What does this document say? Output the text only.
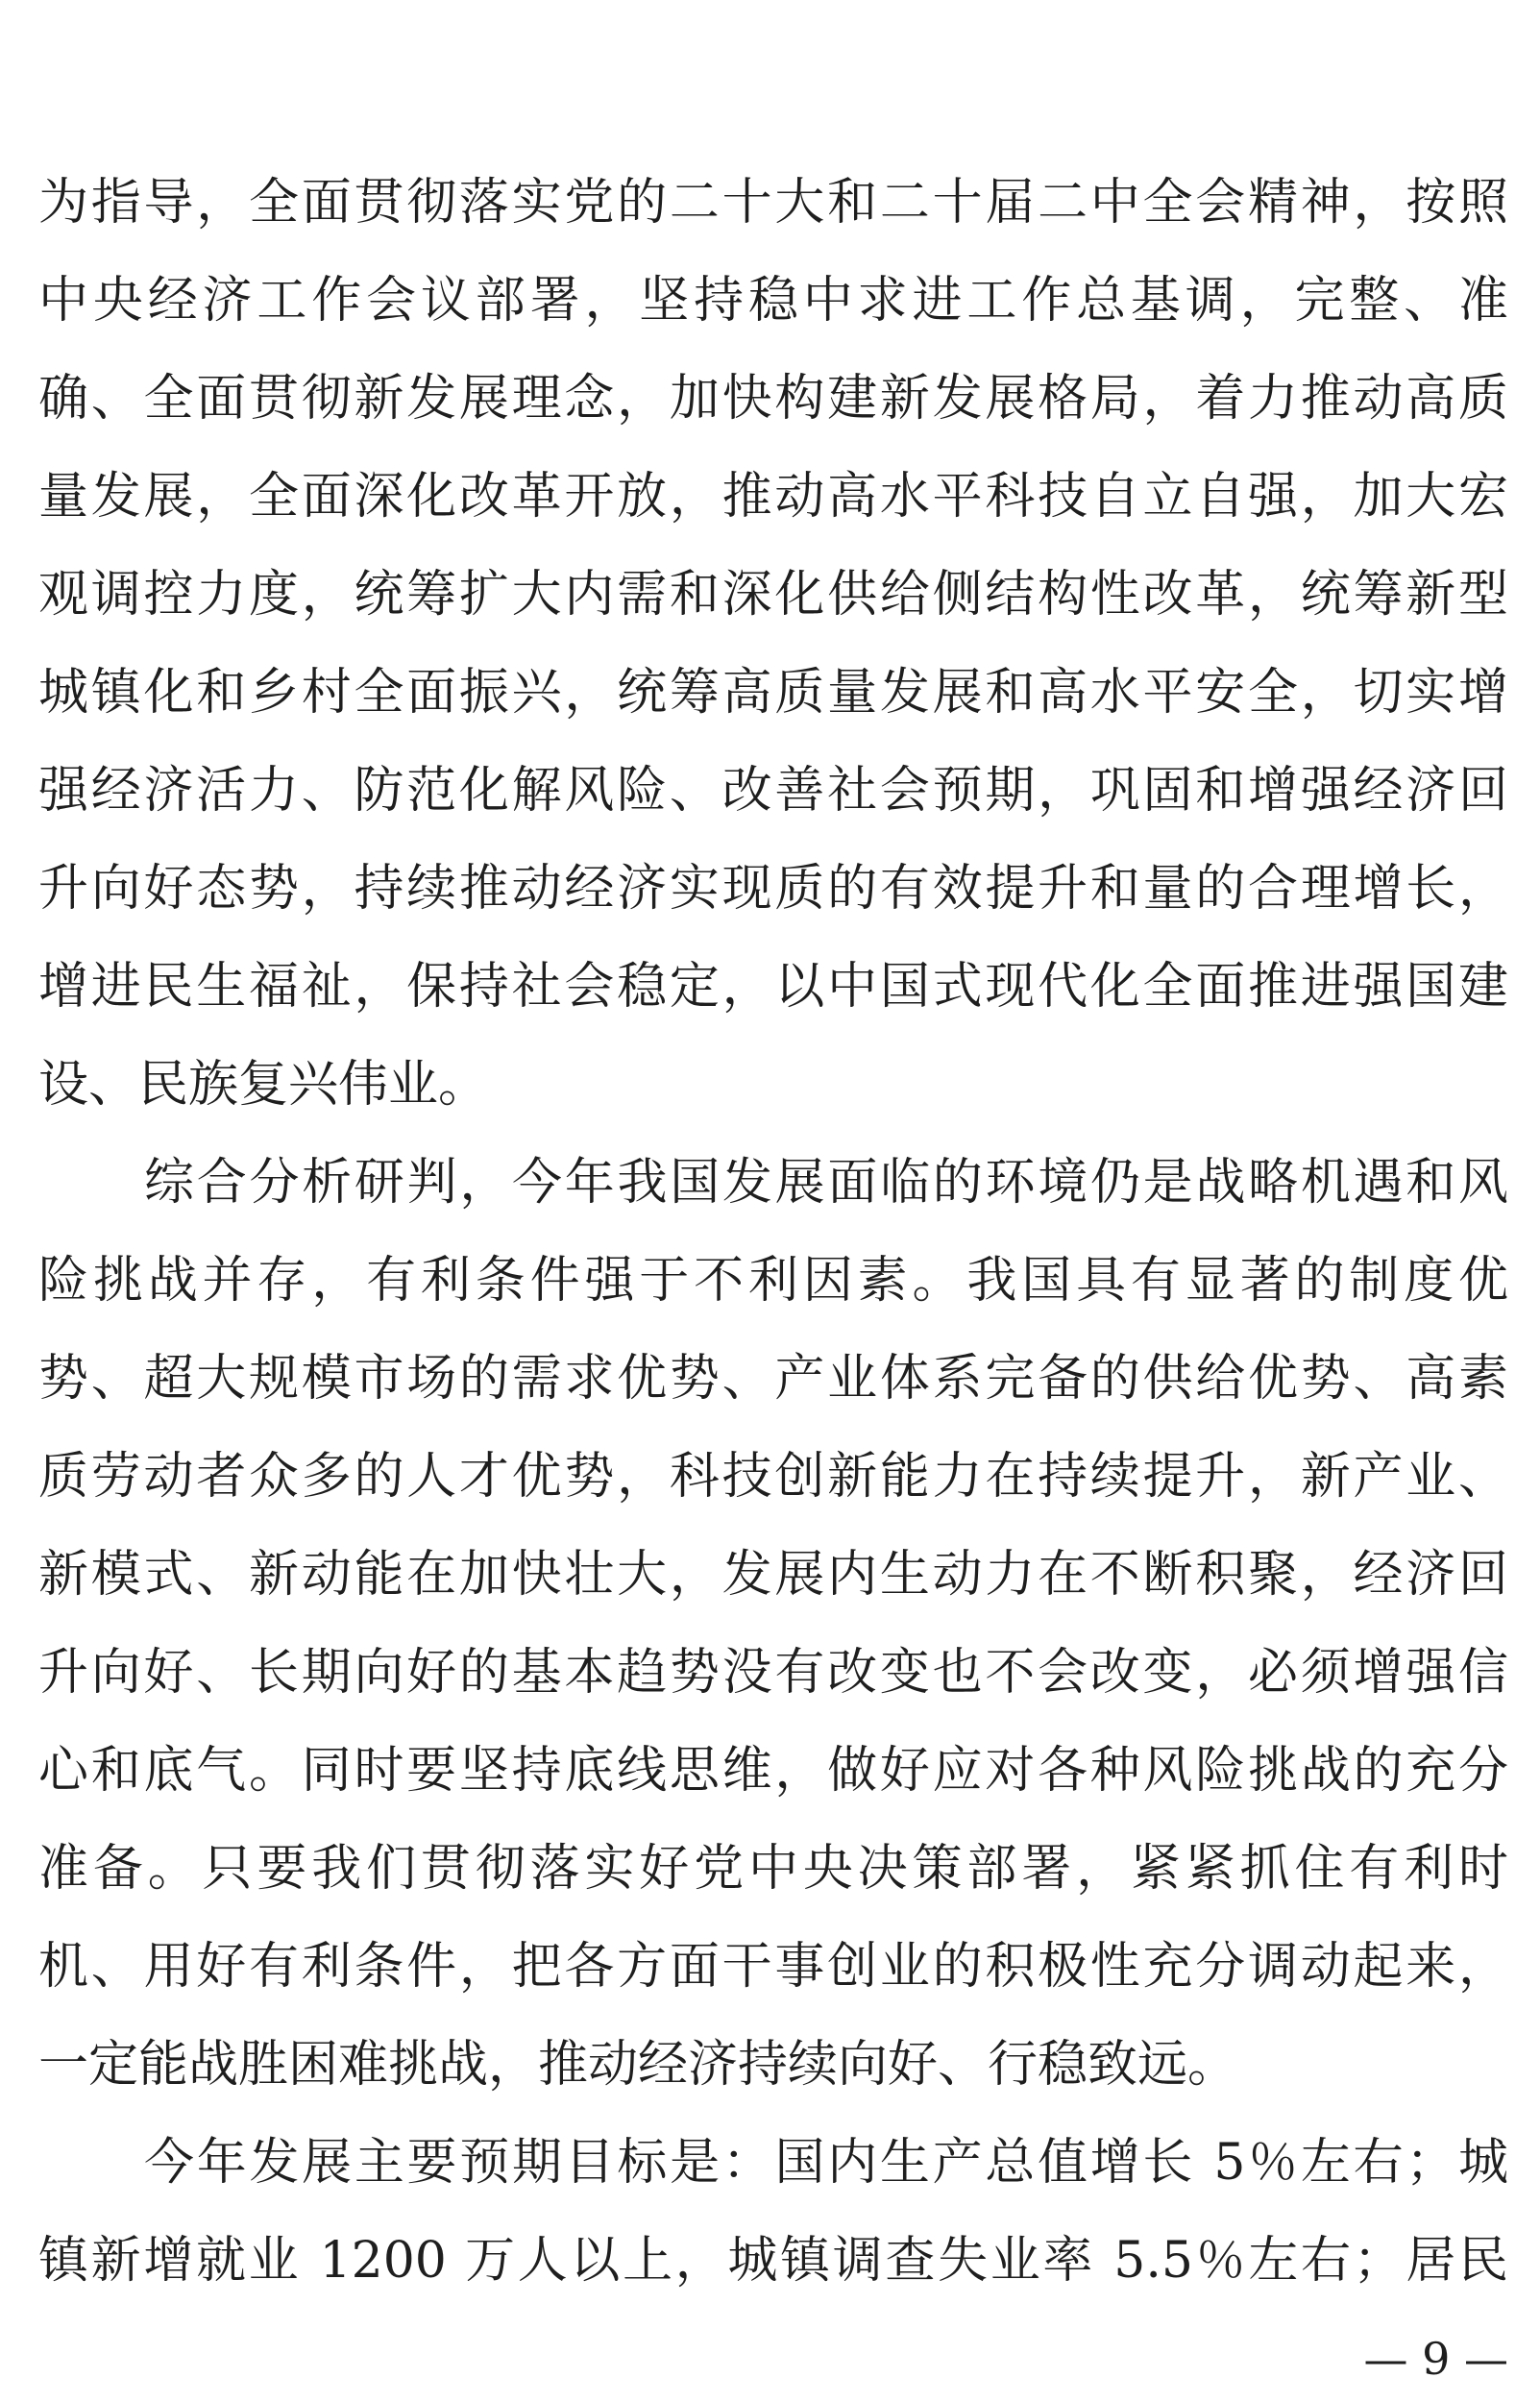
为指导，全面贯彻落实党的二十大和二十届二中全会精神，按照
中央经济工作会议部署，坚持稳中求进工作总基调，完整、准
确、全面贯彻新发展理念，加快构建新发展格局，着力推动高质
量发展，全面深化改革开放，推动高水平科技自立自强，加大宏
观调控力度，统筹扩大内需和深化供给侧结构性改革，统筹新型
城镇化和乡村全面振兴，统筹高质量发展和高水平安全，切实增
强经济活力、防范化解风险、改善社会预期，巩固和增强经济回
升向好态势，持续推动经济实现质的有效提升和量的合理增长，
增进民生福祉，保持社会稳定，以中国式现代化全面推进强国建
设、民族复兴伟业。
综合分析研判，今年我国发展面临的环境仍是战略机遇和风
险挑战并存，有利条件强于不利因素。我国具有显著的制度优
势、超大规模市场的需求优势、产业体系完备的供给优势、高素
质劳动者众多的人才优势，科技创新能力在持续提升，新产业、
新模式、新动能在加快壮大，发展内生动力在不断积聚，经济回
升向好、长期向好的基本趋势没有改变也不会改变，必须增强信
心和底气。同时要坚持底线思维，做好应对各种风险挑战的充分
准备。只要我们贯彻落实好党中央决策部署，紧紧抓住有利时
机、用好有利条件，把各方面干事创业的积极性充分调动起来，
一定能战胜困难挑战，推动经济持续向好、行稳致远。
今年发展主要预期目标是：国内生产总值增长 5％左右；城
镇新增就业 1200 万人以上，城镇调查失业率 5.5％左右；居民
— 9 —
